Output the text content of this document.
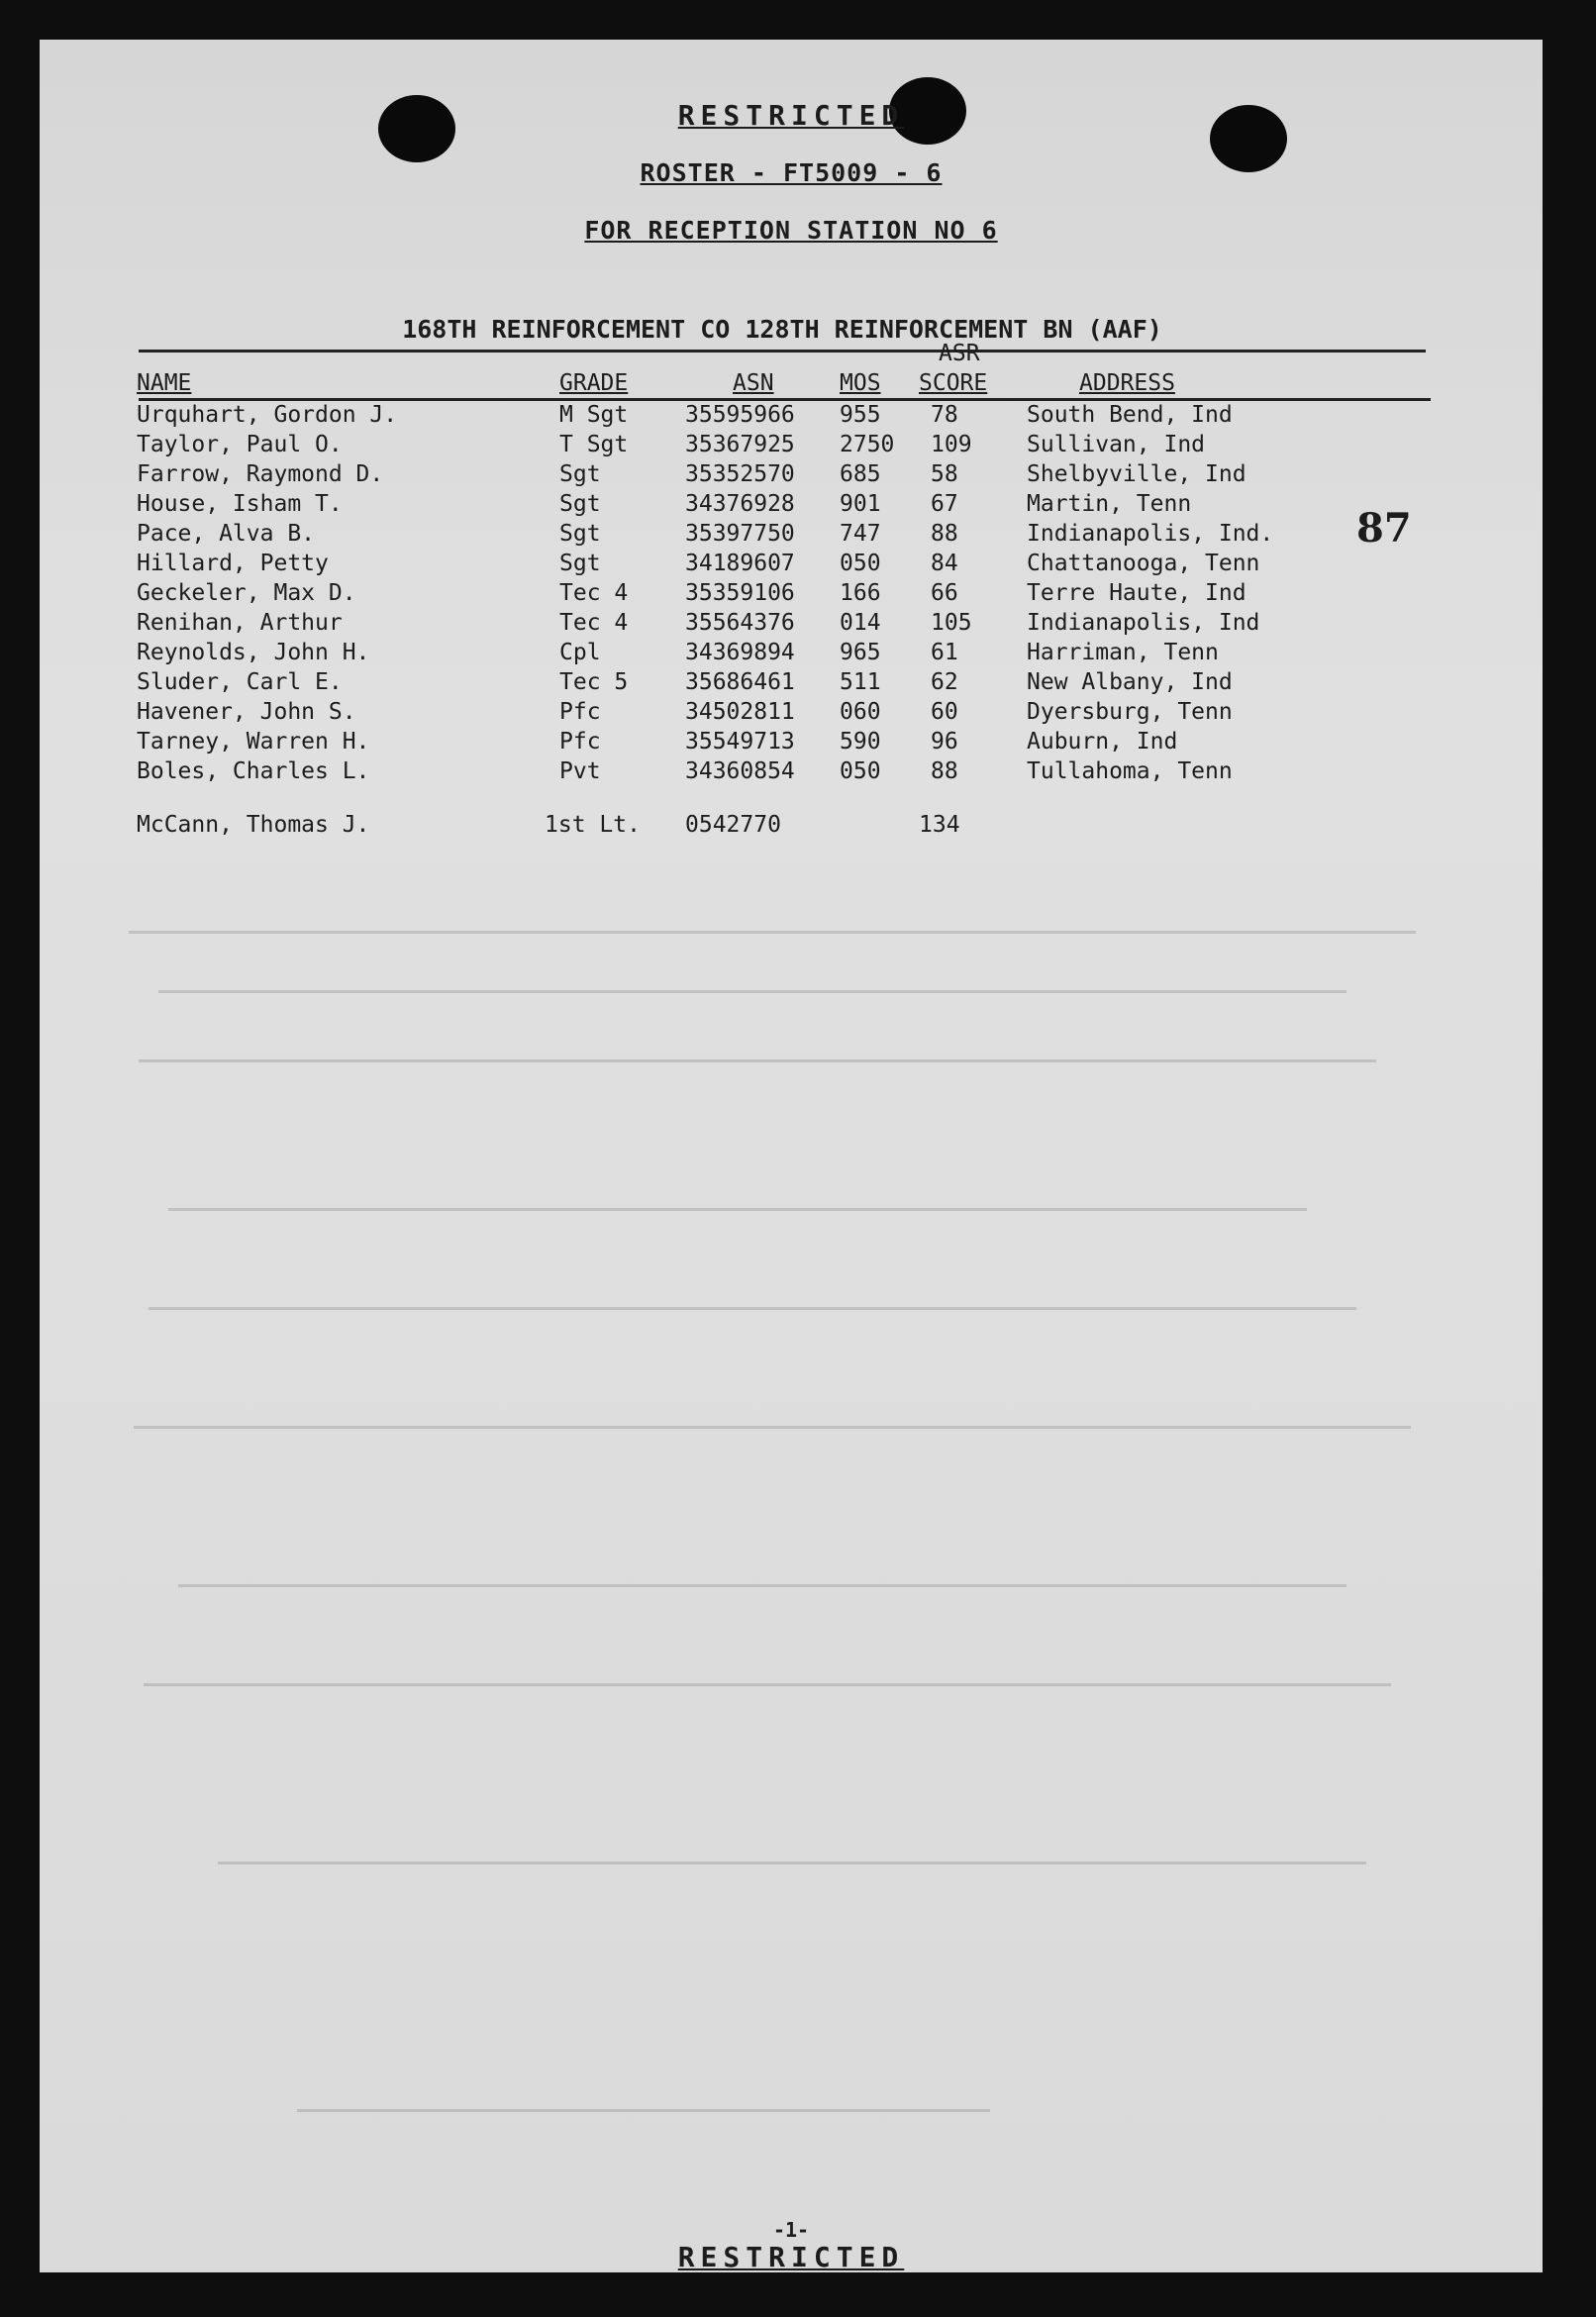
RESTRICTED
ROSTER - FT5009 - 6
FOR RECEPTION STATION NO 6
168TH REINFORCEMENT CO 128TH REINFORCEMENT BN (AAF)
ASR
NAME	GRADE	ASN	MOS SCORE	ADDRESS
Urquhart, Gordon J.	M Sgt	35595966 955 78	South Bend, Ind
Taylor, Paul O.	T Sgt	35367925 2750 109 Sullivan, Ind
Farrow, Raymond D.	Sgt	35352570 685 58	Shelbyville, Ind
House, Isham T.	Sgt	34376928 901 67	Martin, Tenn
Pace, Alva B.	Sgt	35397750 747 88	Indianapolis, Ind.
Hillard, Petty	Sgt	34189607 050 84	Chattanooga, Tenn
Geckeler, Max D.	Tec 4	35359106 166 66	Terre Haute, Ind
Renihan, Arthur	Tec 4	35564376 014 105 Indianapolis, Ind
Reynolds, John H.	Cpl	34369894 965 61	Harriman, Tenn
Sluder, Carl E.	Tec 5	35686461 511 62	New Albany, Ind
Havener, John S.	Pfc	34502811 060 60	Dyersburg, Tenn
Tarney, Warren H.	Pfc	35549713 590 96	Auburn, Ind
Boles, Charles L.	Pvt	34360854 050 88	Tullahoma, Tenn
87
McCann, Thomas J.	1st Lt. 0542770	134
-1-
RESTRICTED
